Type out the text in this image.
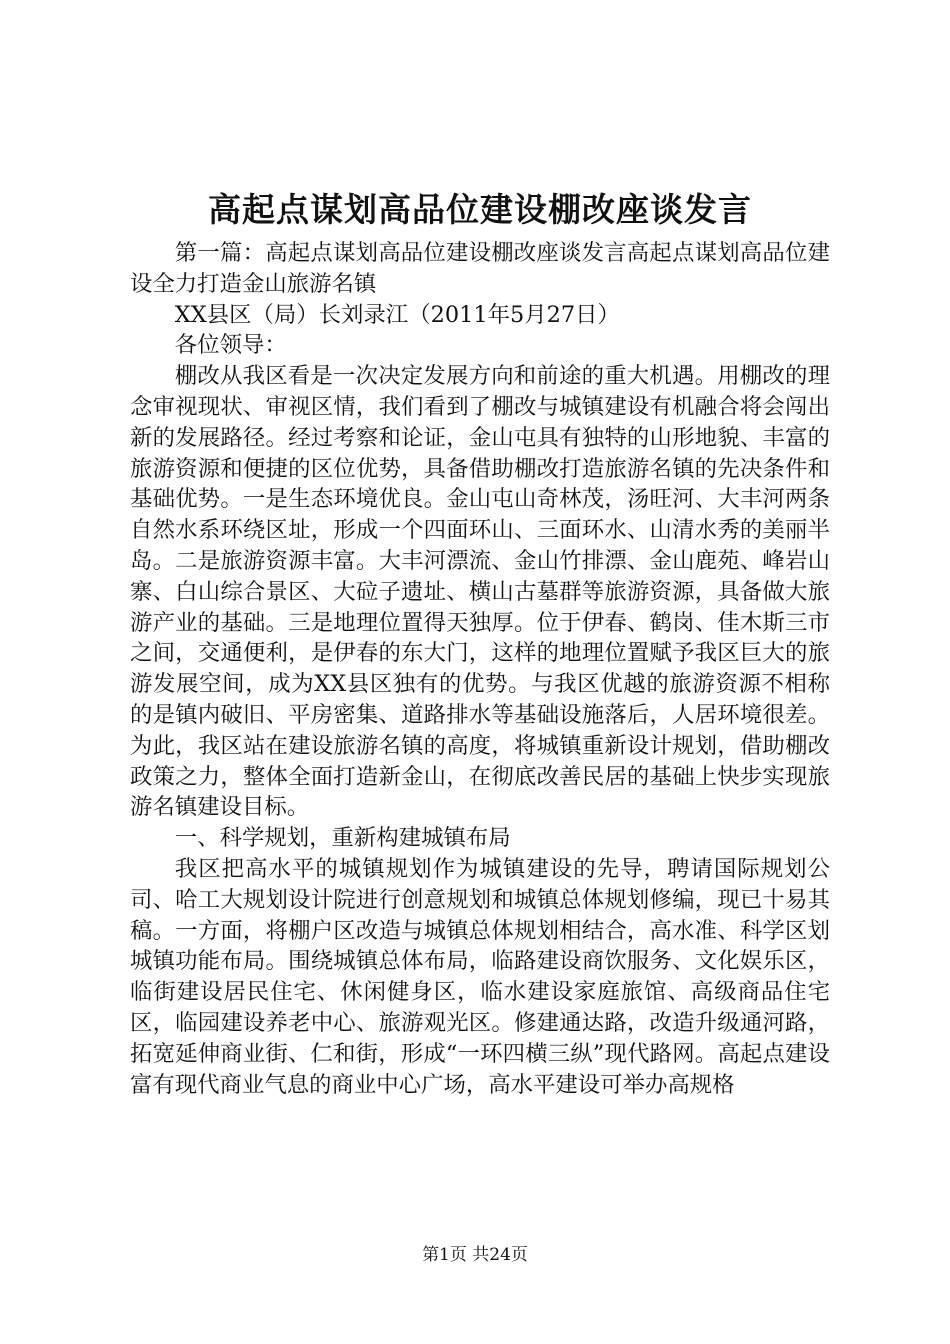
高起点谋划高品位建设棚改座谈发言

第一篇：高起点谋划高品位建设棚改座谈发言高起点谋划高品位建设全力打造金山旅游名镇

XX县区（局）长刘录江（2011年5月27日）

各位领导：

棚改从我区看是一次决定发展方向和前途的重大机遇。用棚改的理念审视现状、审视区情，我们看到了棚改与城镇建设有机融合将会闯出新的发展路径。经过考察和论证，金山屯具有独特的山形地貌、丰富的旅游资源和便捷的区位优势，具备借助棚改打造旅游名镇的先决条件和基础优势。一是生态环境优良。金山屯山奇林茂，汤旺河、大丰河两条自然水系环绕区址，形成一个四面环山、三面环水、山清水秀的美丽半岛。二是旅游资源丰富。大丰河漂流、金山竹排漂、金山鹿苑、峰岩山寨、白山综合景区、大砬子遗址、横山古墓群等旅游资源，具备做大旅游产业的基础。三是地理位置得天独厚。位于伊春、鹤岗、佳木斯三市之间，交通便利，是伊春的东大门，这样的地理位置赋予我区巨大的旅游发展空间，成为XX县区独有的优势。与我区优越的旅游资源不相称的是镇内破旧、平房密集、道路排水等基础设施落后，人居环境很差。为此，我区站在建设旅游名镇的高度，将城镇重新设计规划，借助棚改政策之力，整体全面打造新金山，在彻底改善民居的基础上快步实现旅游名镇建设目标。

一、科学规划，重新构建城镇布局

我区把高水平的城镇规划作为城镇建设的先导，聘请国际规划公司、哈工大规划设计院进行创意规划和城镇总体规划修编，现已十易其稿。一方面，将棚户区改造与城镇总体规划相结合，高水准、科学区划城镇功能布局。围绕城镇总体布局，临路建设商饮服务、文化娱乐区，临街建设居民住宅、休闲健身区，临水建设家庭旅馆、高级商品住宅区，临园建设养老中心、旅游观光区。修建通达路，改造升级通河路，拓宽延伸商业街、仁和街，形成“一环四横三纵”现代路网。高起点建设富有现代商业气息的商业中心广场，高水平建设可举办高规格

第1页 共24页
